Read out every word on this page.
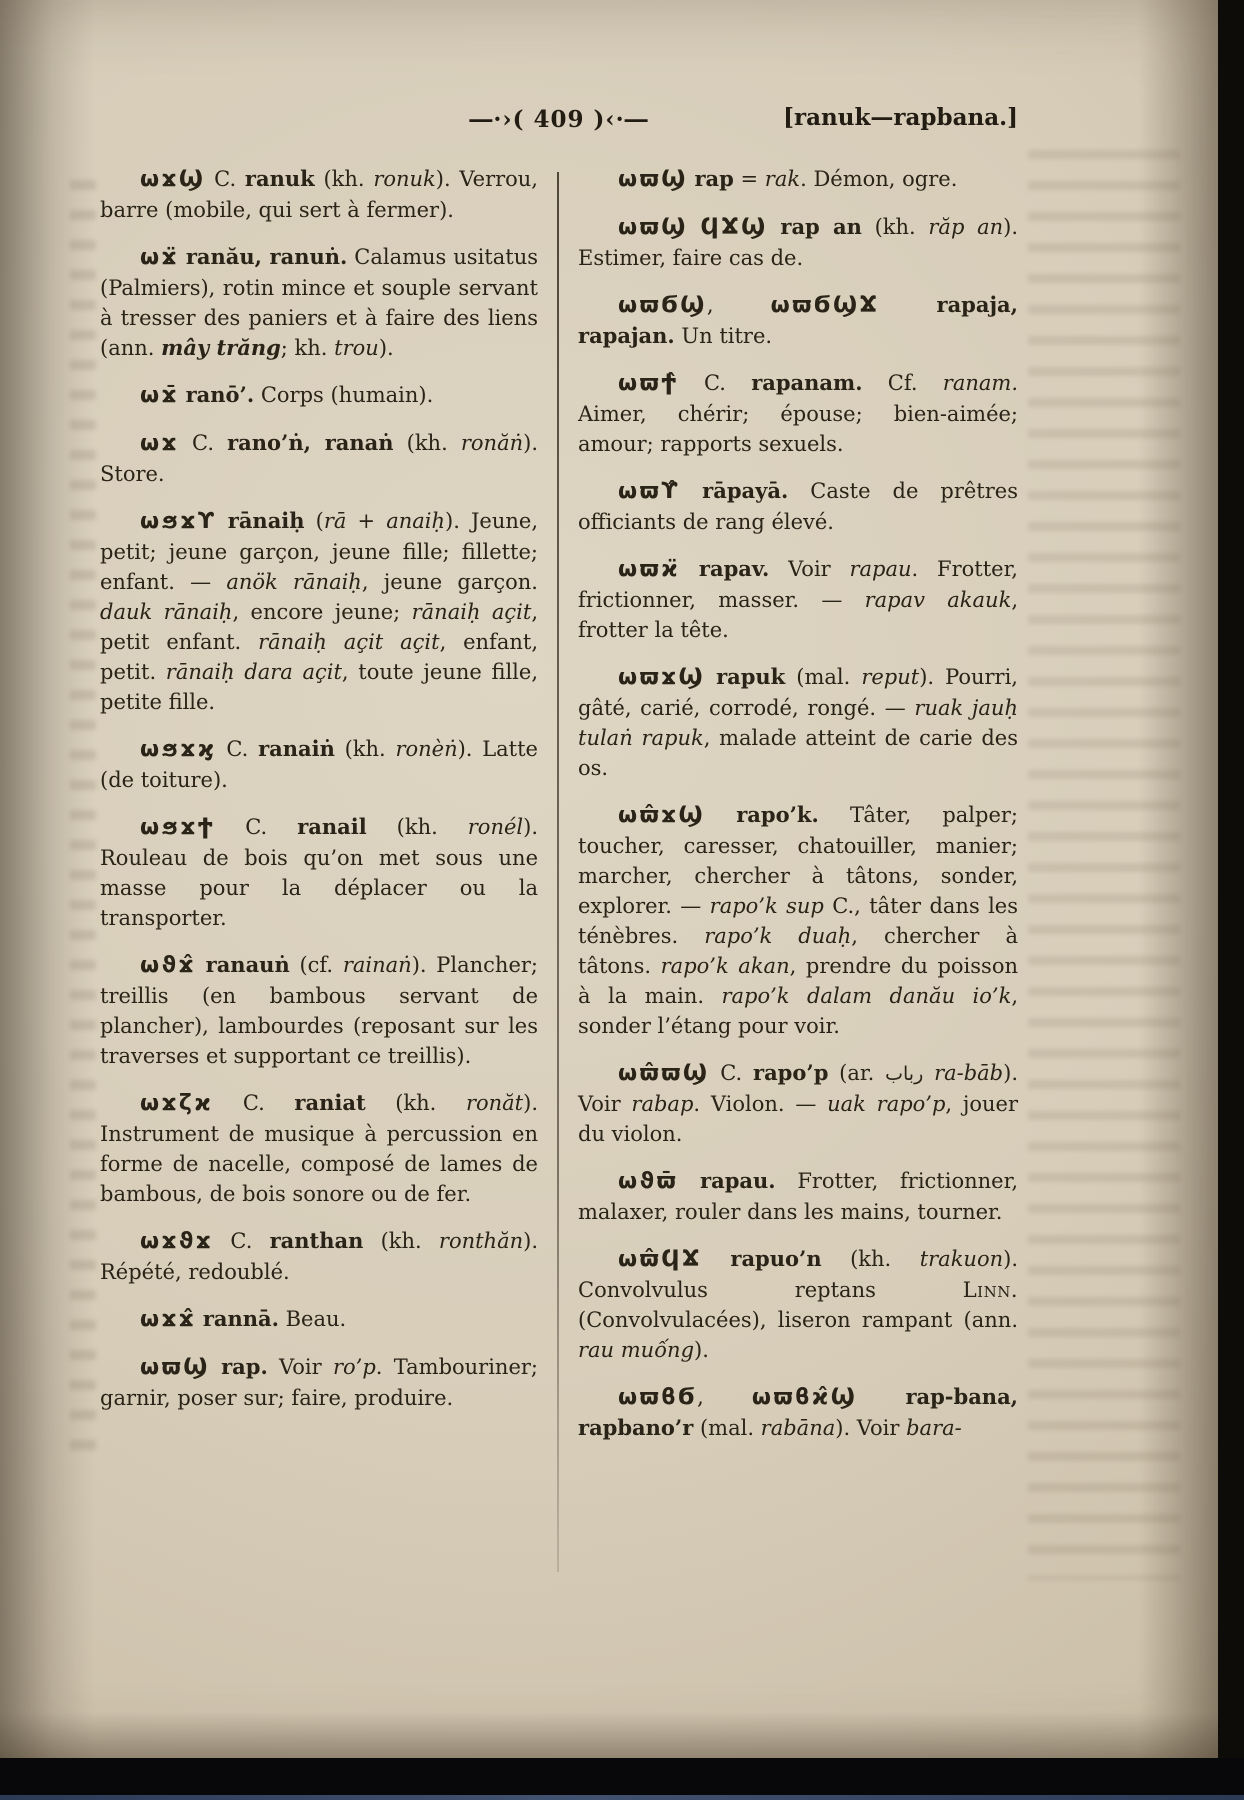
―·›( 409 )‹·―	[ranuk—rapbana.]

ωϫϢ C. ranuk (kh. ronuk). Verrou, barre (mobile, qui sert à fermer).

ωϫ̈ ranău, ranuṅ. Calamus usitatus (Palmiers), rotin mince et souple servant à tresser des paniers et à faire des liens (ann. mây trăng; kh. trou).

ωϫ̄ ranō’. Corps (humain).

ωϫ C. rano’ṅ, ranaṅ (kh. ronăṅ). Store.

ωϧϫϒ rānaiḥ (rā + anaiḥ). Jeune, petit; jeune garçon, jeune fille; fillette; enfant. — anök rānaiḥ, jeune garçon. dauk rānaiḥ, encore jeune; rānaiḥ açit, petit enfant. rānaiḥ açit açit, enfant, petit. rānaiḥ dara açit, toute jeune fille, petite fille.

ωϧϫϗ C. ranaiṅ (kh. ronèṅ). Latte (de toiture).

ωϧϫϮ C. ranail (kh. ronél). Rouleau de bois qu’on met sous une masse pour la déplacer ou la transporter.

ωϑϫ̂ ranauṅ (cf. rainaṅ). Plancher; treillis (en bambous servant de plancher), lambourdes (reposant sur les traverses et supportant ce treillis).

ωϫζϰ C. raniat (kh. ronăt). Instrument de musique à percussion en forme de nacelle, composé de lames de bambous, de bois sonore ou de fer.

ωϫϑϫ C. ranthan (kh. ronthăn). Répété, redoublé.

ωϫϫ̂ rannā. Beau.

ωϖϢ rap. Voir ro’p. Tambouriner; garnir, poser sur; faire, produire.

ωϖϢ rap = rak. Démon, ogre.

ωϖϢ ϤϪϢ rap an (kh. răp an). Estimer, faire cas de.

ωϖϬϢ, ωϖϬϢϪ	rapaja, rapajan. Un titre.

ωϖϮ̂ C. rapanam. Cf. ranam. Aimer, chérir; épouse; bien-aimée; amour; rapports sexuels.

ωϖϒ̂ rāpayā. Caste de prêtres officiants de rang élevé.

ωϖϰ̈ rapav. Voir rapau. Frotter, frictionner, masser. — rapav akauk, frotter la tête.

ωϖϫϢ rapuk (mal. reput). Pourri, gâté, carié, corrodé, rongé. — ruak jauḥ tulaṅ rapuk, malade atteint de carie des os.

ωϖ̂ϫϢ rapo’k. Tâter, palper; toucher, caresser, chatouiller, manier; marcher, chercher à tâtons, sonder, explorer. — rapo’k sup C., tâter dans les ténèbres. rapo’k duaḥ, chercher à tâtons. rapo’k akan, prendre du poisson à la main. rapo’k dalam danău io’k, sonder l’étang pour voir.

ωϖ̂ϖϢ C. rapo’p (ar. رباب ra-bāb). Voir rabap. Violon. — uak rapo’p, jouer du violon.

ωϑϖ̄ rapau. Frotter, frictionner, malaxer, rouler dans les mains, tourner.

ωϖ̂ϤϪ rapuo’n (kh. trakuon). Convolvulus reptans Linn. (Convolvulacées), liseron rampant (ann. rau muống).

ωϖϐϬ, ωϖϐϰ̂Ϣ rap-bana, rapbano’r (mal. rabāna). Voir bara-
